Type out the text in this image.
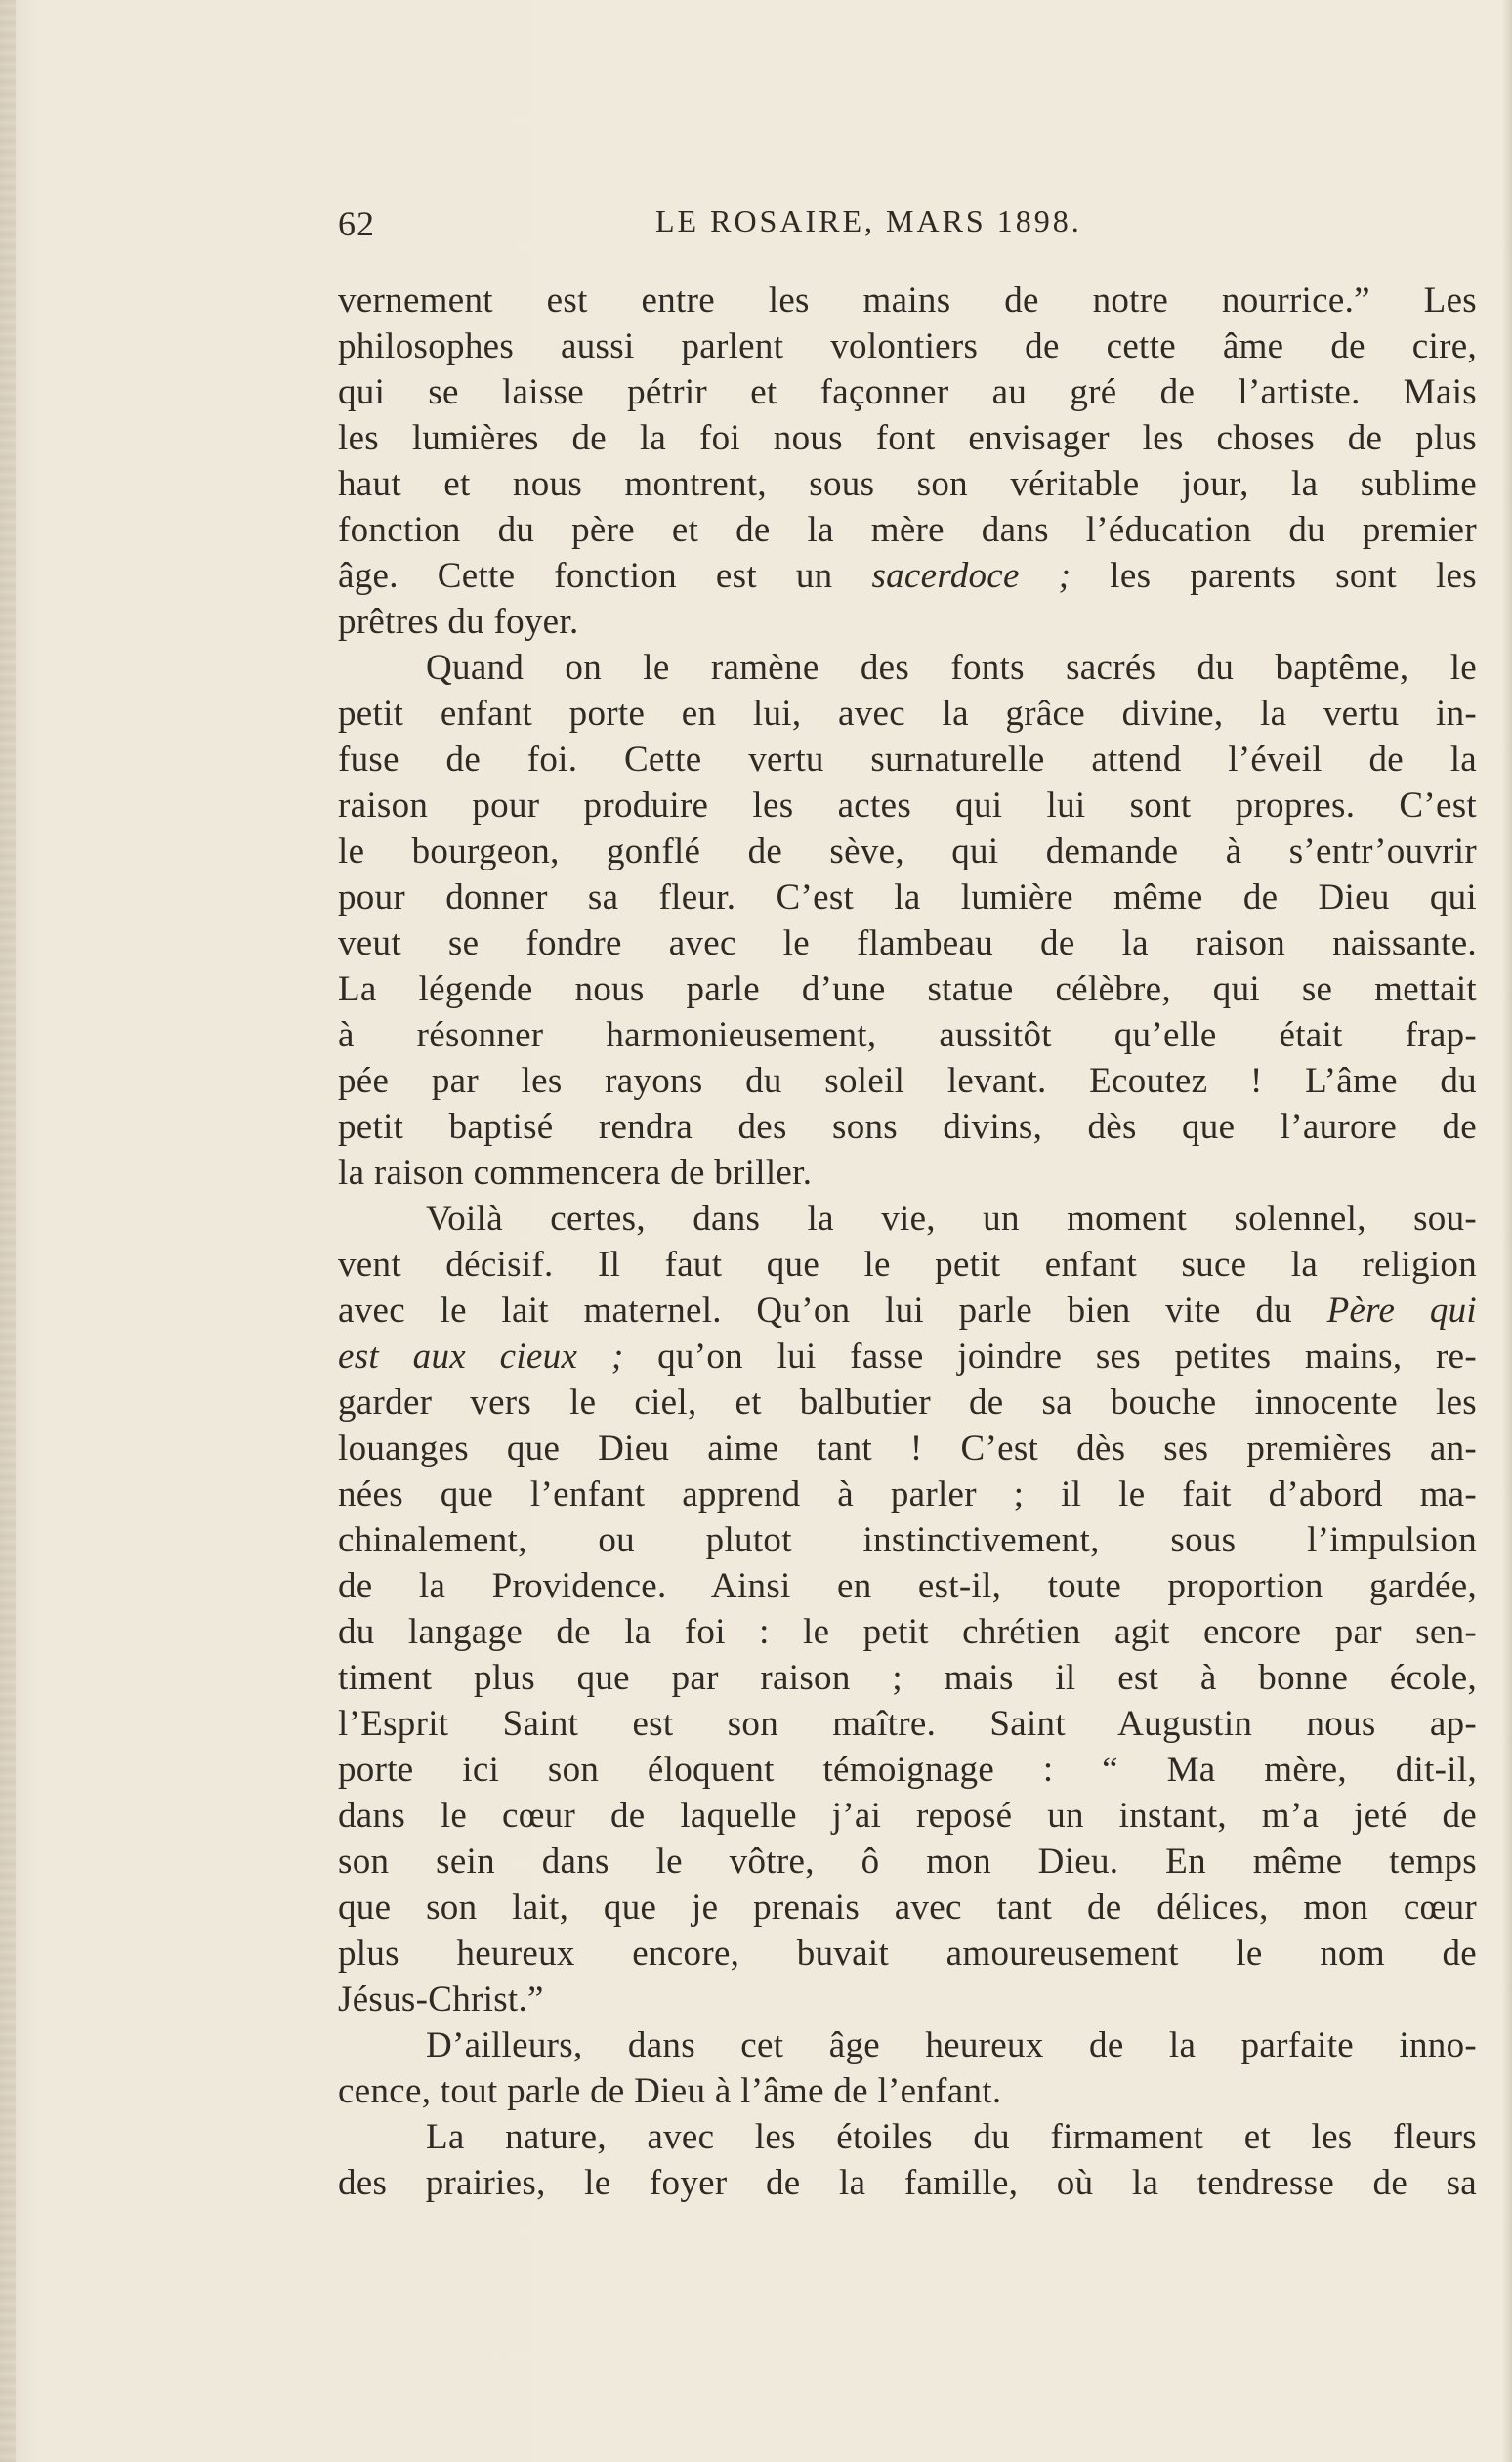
62	LE ROSAIRE, MARS 1898.
vernement est entre les mains de notre nourrice.” Les
philosophes aussi parlent volontiers de cette âme de cire,
qui se laisse pétrir et façonner au gré de l’artiste. Mais
les lumières de la foi nous font envisager les choses de plus
haut et nous montrent, sous son véritable jour, la sublime
fonction du père et de la mère dans l’éducation du premier
âge. Cette fonction est un sacerdoce ; les parents sont les
prêtres du foyer.
Quand on le ramène des fonts sacrés du baptême, le
petit enfant porte en lui, avec la grâce divine, la vertu in-
fuse de foi. Cette vertu surnaturelle attend l’éveil de la
raison pour produire les actes qui lui sont propres. C’est
le bourgeon, gonflé de sève, qui demande à s’entr’ouvrir
pour donner sa fleur. C’est la lumière même de Dieu qui
veut se fondre avec le flambeau de la raison naissante.
La légende nous parle d’une statue célèbre, qui se mettait
à résonner harmonieusement, aussitôt qu’elle était frap-
pée par les rayons du soleil levant. Ecoutez ! L’âme du
petit baptisé rendra des sons divins, dès que l’aurore de
la raison commencera de briller.
Voilà certes, dans la vie, un moment solennel, sou-
vent décisif. Il faut que le petit enfant suce la religion
avec le lait maternel. Qu’on lui parle bien vite du Père qui
est aux cieux ; qu’on lui fasse joindre ses petites mains, re-
garder vers le ciel, et balbutier de sa bouche innocente les
louanges que Dieu aime tant ! C’est dès ses premières an-
nées que l’enfant apprend à parler ; il le fait d’abord ma-
chinalement, ou plutot instinctivement, sous l’impulsion
de la Providence. Ainsi en est-il, toute proportion gardée,
du langage de la foi : le petit chrétien agit encore par sen-
timent plus que par raison ; mais il est à bonne école,
l’Esprit Saint est son maître. Saint Augustin nous ap-
porte ici son éloquent témoignage : “ Ma mère, dit-il,
dans le cœur de laquelle j’ai reposé un instant, m’a jeté de
son sein dans le vôtre, ô mon Dieu. En même temps
que son lait, que je prenais avec tant de délices, mon cœur
plus heureux encore, buvait amoureusement le nom de
Jésus-Christ.”
D’ailleurs, dans cet âge heureux de la parfaite inno-
cence, tout parle de Dieu à l’âme de l’enfant.
La nature, avec les étoiles du firmament et les fleurs
des prairies, le foyer de la famille, où la tendresse de sa
